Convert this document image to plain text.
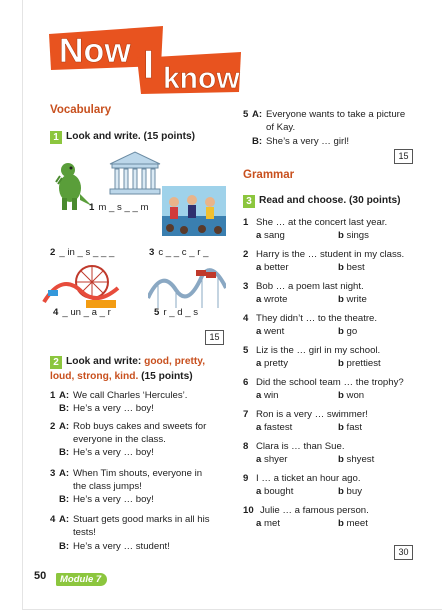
Now I know
Vocabulary
1 Look and write. (15 points)
1 m _ s _ _ m
2 _ in _ s _ _ _	3 c _ _ c _ r _
4 _ un _ a _ r	5 r _ d _ s
15
2 Look and write: good, pretty,
loud, strong, kind. (15 points)
1 A: We call Charles ‘Hercules’.
B: He’s a very … boy!
2 A: Rob buys cakes and sweets for
everyone in the class.
B: He’s a very … boy!
3 A: When Tim shouts, everyone in
the class jumps!
B: He’s a very … boy!
4 A: Stuart gets good marks in all his
tests!
B: He’s a very … student!
5 A: Everyone wants to take a picture
of Kay.
B: She’s a very … girl!
15
Grammar
3 Read and choose. (30 points)
1 She … at the concert last year.
a sang	b sings
2 Harry is the … student in my class.
a better	b best
3 Bob … a poem last night.
a wrote	b write
4 They didn’t … to the theatre.
a went	b go
5 Liz is the … girl in my school.
a pretty	b prettiest
6 Did the school team … the trophy?
a win	b won
7 Ron is a very … swimmer!
a fastest	b fast
8 Clara is … than Sue.
a shyer	b shyest
9 I … a ticket an hour ago.
a bought	b buy
10 Julie … a famous person.
a met	b meet
30
50	Module 7
